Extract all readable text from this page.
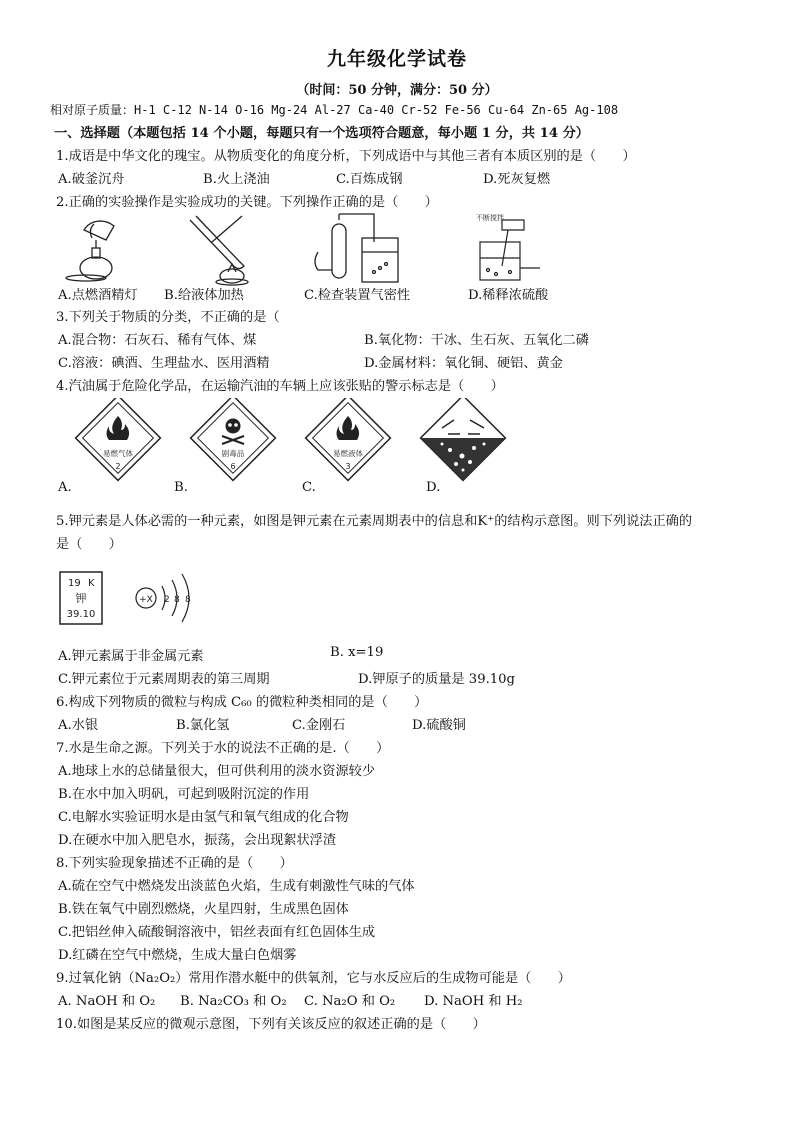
九年级化学试卷
（时间：50 分钟，满分：50 分）
相对原子质量：H-1 C-12 N-14 O-16 Mg-24 Al-27 Ca-40 Cr-52 Fe-56 Cu-64 Zn-65 Ag-108
一、选择题（本题包括 14 个小题，每题只有一个选项符合题意，每小题 1 分，共 14 分）
1.成语是中华文化的瑰宝。从物质变化的角度分析，下列成语中与其他三者有本质区别的是（　　）
A.破釜沉舟	B.火上浇油	C.百炼成钢	D.死灰复燃
2.正确的实验操作是实验成功的关键。下列操作正确的是（　　）
不断搅拌
A.点燃酒精灯 B.给液体加热	C.检查装置气密性	D.稀释浓硫酸
3.下列关于物质的分类，不正确的是（
A.混合物：石灰石、稀有气体、煤	B.氧化物：干冰、生石灰、五氧化二磷
C.溶液：碘酒、生理盐水、医用酒精	D.金属材料：氧化铜、硬铝、黄金
4.汽油属于危险化学品，在运输汽油的车辆上应该张贴的警示标志是（　　）
易燃气体
2
剧毒品
6
易燃液体
3
A.	B.	C.	D.
5.钾元素是人体必需的一种元素，如图是钾元素在元素周期表中的信息和K⁺的结构示意图。则下列说法正确的
是（　　）
19 K
钾
39.10
+X 2 8 8
A.钾元素属于非金属元素	B. x=19
C.钾元素位于元素周期表的第三周期	D.钾原子的质量是 39.10g
6.构成下列物质的微粒与构成 C₆₀ 的微粒种类相同的是（　　）
A.水银	B.氯化氢	C.金刚石	D.硫酸铜
7.水是生命之源。下列关于水的说法不正确的是.（　　）
A.地球上水的总储量很大，但可供利用的淡水资源较少
B.在水中加入明矾，可起到吸附沉淀的作用
C.电解水实验证明水是由氢气和氧气组成的化合物
D.在硬水中加入肥皂水，振荡，会出现絮状浮渣
8.下列实验现象描述不正确的是（　　）
A.硫在空气中燃烧发出淡蓝色火焰，生成有刺激性气味的气体
B.铁在氧气中剧烈燃烧，火星四射，生成黑色固体
C.把铝丝伸入硫酸铜溶液中，铝丝表面有红色固体生成
D.红磷在空气中燃烧，生成大量白色烟雾
9.过氧化钠（Na₂O₂）常用作潜水艇中的供氧剂，它与水反应后的生成物可能是（　　）
A. NaOH 和 O₂ B. Na₂CO₃ 和 O₂ C. Na₂O 和 O₂ D. NaOH 和 H₂
10.如图是某反应的微观示意图，下列有关该反应的叙述正确的是（　　）
